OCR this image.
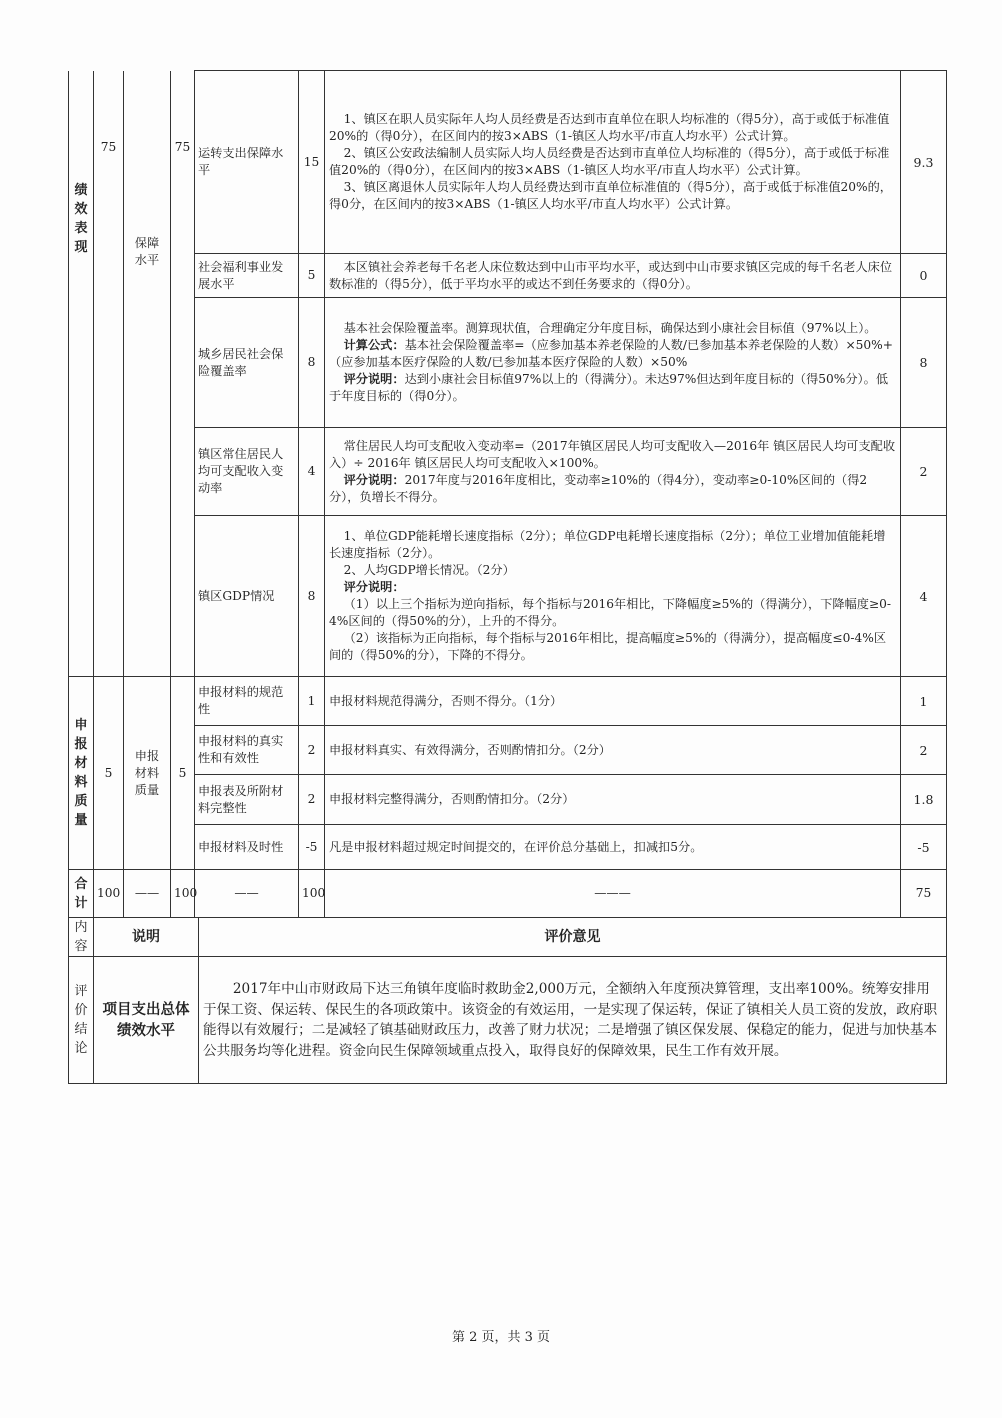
绩效表现	75	保障水平	75	运转支出保障水平	15	1、镇区在职人员实际年人均人员经费是否达到市直单位在职人均标准的（得5分），高于或低于标准值20%的（得0分），在区间内的按3×ABS（1-镇区人均水平/市直人均水平）公式计算。

2、镇区公安政法编制人员实际人均人员经费是否达到市直单位人均标准的（得5分），高于或低于标准值20%的（得0分），在区间内的按3×ABS（1-镇区人均水平/市直人均水平）公式计算。

3、镇区离退休人员实际年人均人员经费达到市直单位标准值的（得5分），高于或低于标准值20%的，得0分，在区间内的按3×ABS（1-镇区人均水平/市直人均水平）公式计算。	9.3
				社会福利事业发展水平	5	本区镇社会养老每千名老人床位数达到中山市平均水平，或达到中山市要求镇区完成的每千名老人床位数标准的（得5分），低于平均水平的或达不到任务要求的（得0分）。	0
				城乡居民社会保险覆盖率	8	基本社会保险覆盖率。测算现状值，合理确定分年度目标，确保达到小康社会目标值（97%以上）。

计算公式：基本社会保险覆盖率=（应参加基本养老保险的人数/已参加基本养老保险的人数）×50%+（应参加基本医疗保险的人数/已参加基本医疗保险的人数）×50%

评分说明：达到小康社会目标值97%以上的（得满分）。未达97%但达到年度目标的（得50%分）。低于年度目标的（得0分）。	8
				镇区常住居民人均可支配收入变动率	4	常住居民人均可支配收入变动率=（2017年镇区居民人均可支配收入—2016年 镇区居民人均可支配收入）÷ 2016年 镇区居民人均可支配收入×100%。

评分说明：2017年度与2016年度相比，变动率≥10%的（得4分），变动率≥0-10%区间的（得2分），负增长不得分。	2
				镇区GDP情况	8	1、单位GDP能耗增长速度指标（2分）；单位GDP电耗增长速度指标（2分）；单位工业增加值能耗增长速度指标（2分）。

2、人均GDP增长情况。（2分）

评分说明：

（1）以上三个指标为逆向指标，每个指标与2016年相比，下降幅度≥5%的（得满分），下降幅度≥0-4%区间的（得50%的分），上升的不得分。

（2）该指标为正向指标，每个指标与2016年相比，提高幅度≥5%的（得满分），提高幅度≤0-4%区间的（得50%的分），下降的不得分。	4

申报材料质量	5	申报材料质量	5	申报材料的规范性	1	申报材料规范得满分，否则不得分。（1分）	1
				申报材料的真实性和有效性	2	申报材料真实、有效得满分，否则酌情扣分。（2分）	2
				申报表及所附材料完整性	2	申报材料完整得满分，否则酌情扣分。（2分）	1.8
				申报材料及时性	-5	凡是申报材料超过规定时间提交的，在评价总分基础上，扣减扣5分。	-5

合计	100	——	100	——	100	———	75
内容	说明	评价意见

评价结论	项目支出总体绩效水平	2017年中山市财政局下达三角镇年度临时救助金2,000万元，全额纳入年度预决算管理，支出率100%。统筹安排用于保工资、保运转、保民生的各项政策中。该资金的有效运用，一是实现了保运转，保证了镇相关人员工资的发放，政府职能得以有效履行；二是减轻了镇基础财政压力，改善了财力状况；二是增强了镇区保发展、保稳定的能力，促进与加快基本公共服务均等化进程。资金向民生保障领域重点投入，取得良好的保障效果，民生工作有效开展。
第 2 页，共 3 页
